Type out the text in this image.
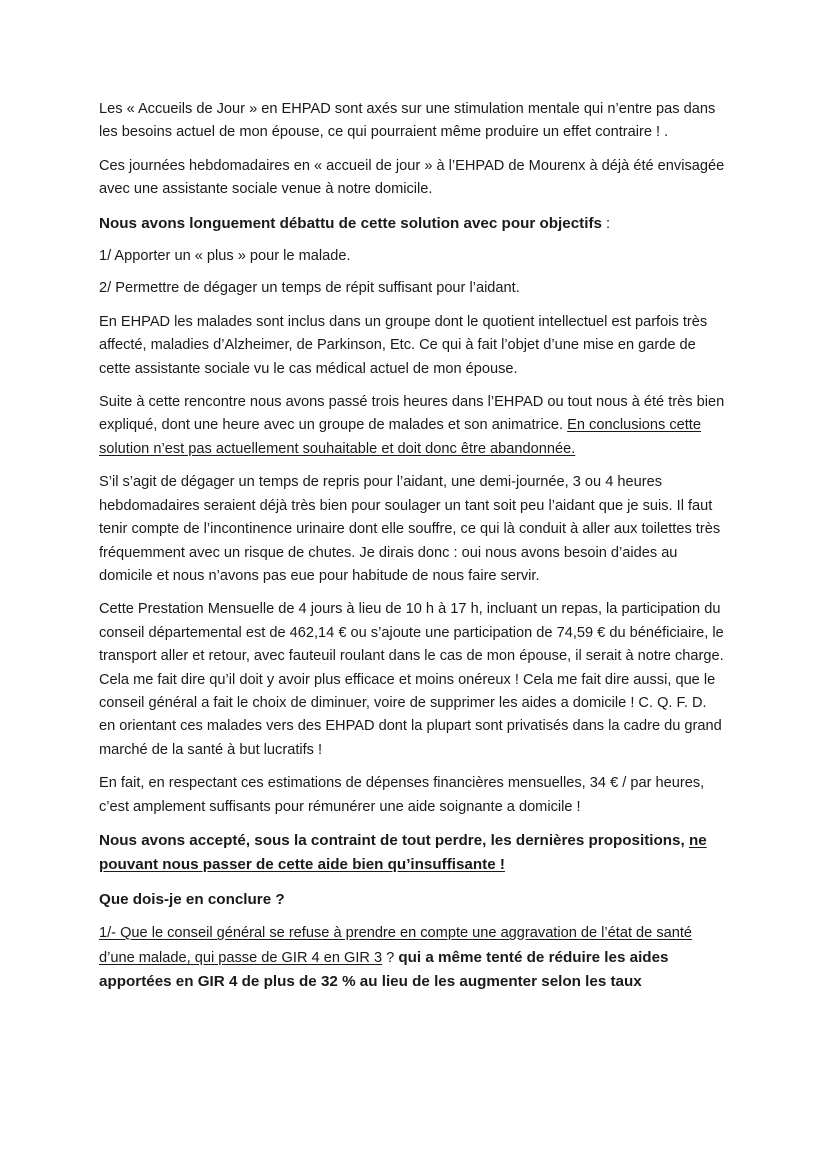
Les « Accueils de Jour » en EHPAD sont axés sur une stimulation mentale qui n’entre pas dans les besoins actuel de mon épouse, ce qui pourraient même produire un effet contraire ! .

Ces journées hebdomadaires en « accueil de jour » à l’EHPAD de Mourenx à déjà été envisagée avec une assistante sociale venue à notre domicile.

Nous avons longuement débattu de cette solution avec pour objectifs :

1/ Apporter un « plus » pour le malade.

2/ Permettre de dégager un temps de répit suffisant pour l’aidant.

En EHPAD les malades sont inclus dans un groupe dont le quotient intellectuel est parfois très affecté, maladies d’Alzheimer, de Parkinson, Etc. Ce qui à fait l’objet d’une mise en garde de cette assistante sociale vu le cas médical actuel de mon épouse.

Suite à cette rencontre nous avons passé trois heures dans l’EHPAD ou tout nous à été très bien expliqué, dont une heure avec un groupe de malades et son animatrice. En conclusions cette solution n’est pas actuellement souhaitable et doit donc être abandonnée.

S’il s’agit de dégager un temps de repris pour l’aidant, une demi-journée, 3 ou 4 heures hebdomadaires seraient déjà très bien pour soulager un tant soit peu l’aidant que je suis. Il faut tenir compte de l’incontinence urinaire dont elle souffre, ce qui là conduit à aller aux toilettes très fréquemment avec un risque de chutes. Je dirais donc : oui nous avons besoin d’aides au domicile et nous n’avons pas eue pour habitude de nous faire servir.

Cette Prestation Mensuelle de 4 jours à lieu de 10 h à 17 h, incluant un repas, la participation du conseil départemental est de 462,14 € ou s’ajoute une participation de 74,59 € du bénéficiaire, le transport aller et retour, avec fauteuil roulant dans le cas de mon épouse, il serait à notre charge. Cela me fait dire qu’il doit y avoir plus efficace et moins onéreux ! Cela me fait dire aussi, que le conseil général a fait le choix de diminuer, voire de supprimer les aides a domicile ! C. Q. F. D. en orientant ces malades vers des EHPAD dont la plupart sont privatisés dans la cadre du grand marché de la santé à but lucratifs !

En fait, en respectant ces estimations de dépenses financières mensuelles, 34 € / par heures, c’est amplement suffisants pour rémunérer une aide soignante a domicile !

Nous avons accepté, sous la contraint de tout perdre, les dernières propositions, ne pouvant nous passer de cette aide bien qu’insuffisante !

Que dois-je en conclure ?

1/- Que le conseil général se refuse à prendre en compte une aggravation de l’état de santé d’une malade, qui passe de GIR 4 en GIR 3 ? qui a même tenté de réduire les aides apportées en GIR 4 de plus de 32 % au lieu de les augmenter selon les taux
